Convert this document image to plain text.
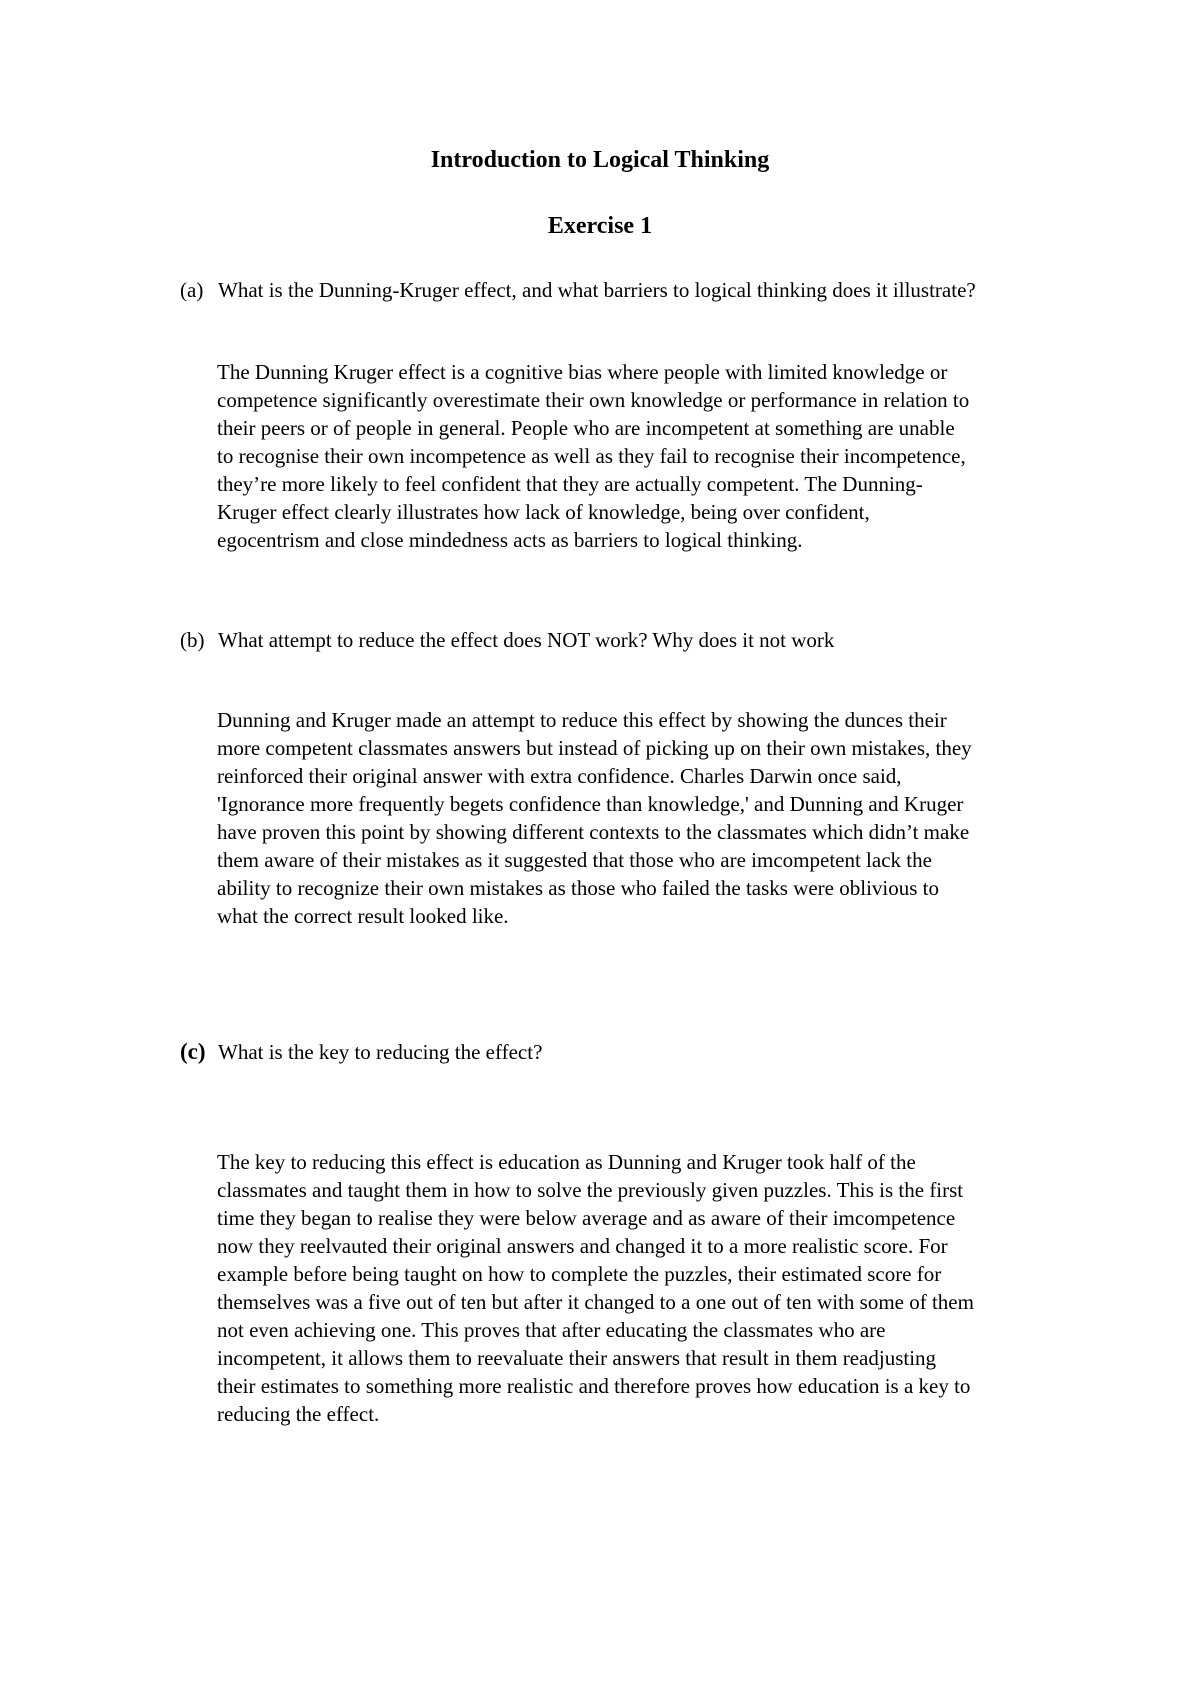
Introduction to Logical Thinking
Exercise 1

(a) What is the Dunning-Kruger effect, and what barriers to logical thinking does it illustrate?

The Dunning Kruger effect is a cognitive bias where people with limited knowledge or
competence significantly overestimate their own knowledge or performance in relation to
their peers or of people in general. People who are incompetent at something are unable
to recognise their own incompetence as well as they fail to recognise their incompetence,
they’re more likely to feel confident that they are actually competent. The Dunning-
Kruger effect clearly illustrates how lack of knowledge, being over confident,
egocentrism and close mindedness acts as barriers to logical thinking.

(b) What attempt to reduce the effect does NOT work? Why does it not work

Dunning and Kruger made an attempt to reduce this effect by showing the dunces their
more competent classmates answers but instead of picking up on their own mistakes, they
reinforced their original answer with extra confidence. Charles Darwin once said,
'Ignorance more frequently begets confidence than knowledge,' and Dunning and Kruger
have proven this point by showing different contexts to the classmates which didn’t make
them aware of their mistakes as it suggested that those who are imcompetent lack the
ability to recognize their own mistakes as those who failed the tasks were oblivious to
what the correct result looked like.

(c) What is the key to reducing the effect?

The key to reducing this effect is education as Dunning and Kruger took half of the
classmates and taught them in how to solve the previously given puzzles. This is the first
time they began to realise they were below average and as aware of their imcompetence
now they reelvauted their original answers and changed it to a more realistic score. For
example before being taught on how to complete the puzzles, their estimated score for
themselves was a five out of ten but after it changed to a one out of ten with some of them
not even achieving one. This proves that after educating the classmates who are
incompetent, it allows them to reevaluate their answers that result in them readjusting
their estimates to something more realistic and therefore proves how education is a key to
reducing the effect.
